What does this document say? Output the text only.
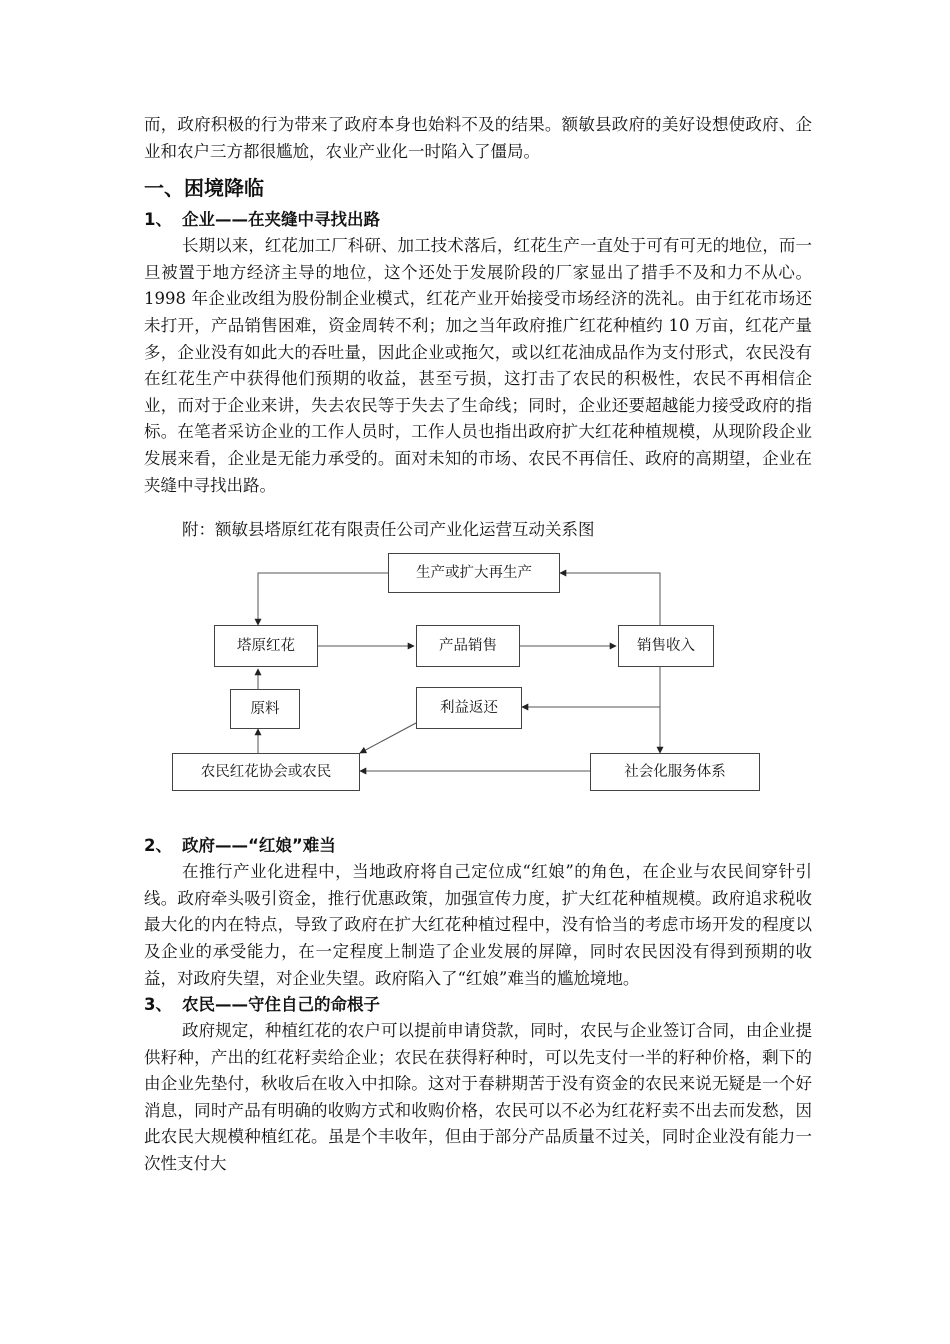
而，政府积极的行为带来了政府本身也始料不及的结果。额敏县政府的美好设想使政府、企业和农户三方都很尴尬，农业产业化一时陷入了僵局。

一、困境降临
1、 企业——在夹缝中寻找出路

长期以来，红花加工厂科研、加工技术落后，红花生产一直处于可有可无的地位，而一旦被置于地方经济主导的地位，这个还处于发展阶段的厂家显出了措手不及和力不从心。1998 年企业改组为股份制企业模式，红花产业开始接受市场经济的洗礼。由于红花市场还未打开，产品销售困难，资金周转不利；加之当年政府推广红花种植约 10 万亩，红花产量多，企业没有如此大的吞吐量，因此企业或拖欠，或以红花油成品作为支付形式，农民没有在红花生产中获得他们预期的收益，甚至亏损，这打击了农民的积极性，农民不再相信企业，而对于企业来讲，失去农民等于失去了生命线；同时，企业还要超越能力接受政府的指标。在笔者采访企业的工作人员时，工作人员也指出政府扩大红花种植规模，从现阶段企业发展来看，企业是无能力承受的。面对未知的市场、农民不再信任、政府的高期望，企业在夹缝中寻找出路。

附：额敏县塔原红花有限责任公司产业化运营互动关系图

生产或扩大再生产
塔原红花	产品销售	销售收入
原料	利益返还
农民红花协会或农民	社会化服务体系
2、 政府——“红娘”难当

在推行产业化进程中，当地政府将自己定位成“红娘”的角色，在企业与农民间穿针引线。政府牵头吸引资金，推行优惠政策，加强宣传力度，扩大红花种植规模。政府追求税收最大化的内在特点，导致了政府在扩大红花种植过程中，没有恰当的考虑市场开发的程度以及企业的承受能力，在一定程度上制造了企业发展的屏障，同时农民因没有得到预期的收益，对政府失望，对企业失望。政府陷入了“红娘”难当的尴尬境地。

3、 农民——守住自己的命根子

政府规定，种植红花的农户可以提前申请贷款，同时，农民与企业签订合同，由企业提供籽种，产出的红花籽卖给企业；农民在获得籽种时，可以先支付一半的籽种价格，剩下的由企业先垫付，秋收后在收入中扣除。这对于春耕期苦于没有资金的农民来说无疑是一个好消息，同时产品有明确的收购方式和收购价格，农民可以不必为红花籽卖不出去而发愁，因此农民大规模种植红花。虽是个丰收年，但由于部分产品质量不过关，同时企业没有能力一次性支付大
